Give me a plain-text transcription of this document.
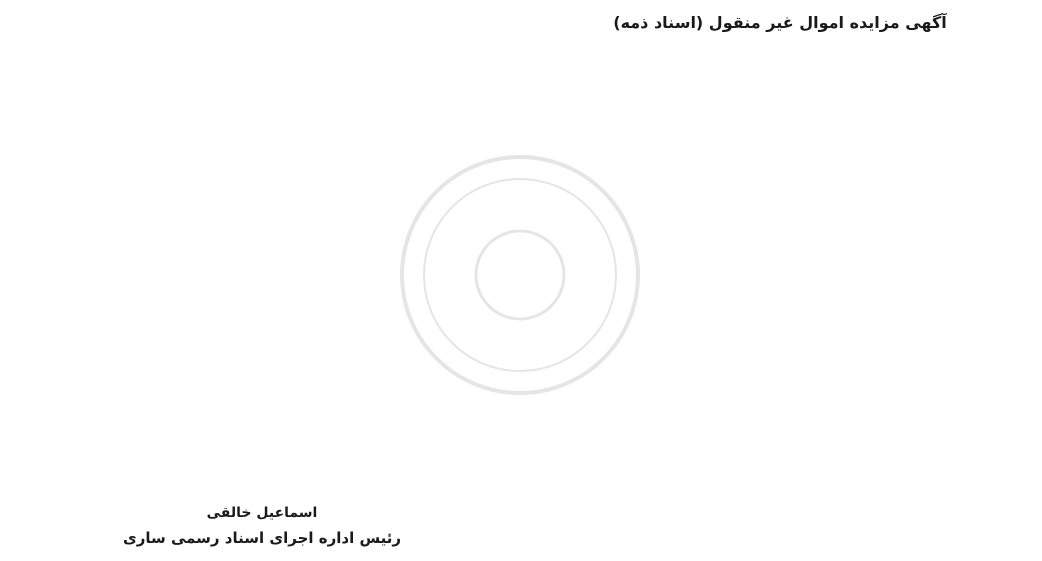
آگهی مزایده اموال غیر منقول (اسناد ذمه)

اسماعیل خالقی
رئیس اداره اجرای اسناد رسمی ساری
